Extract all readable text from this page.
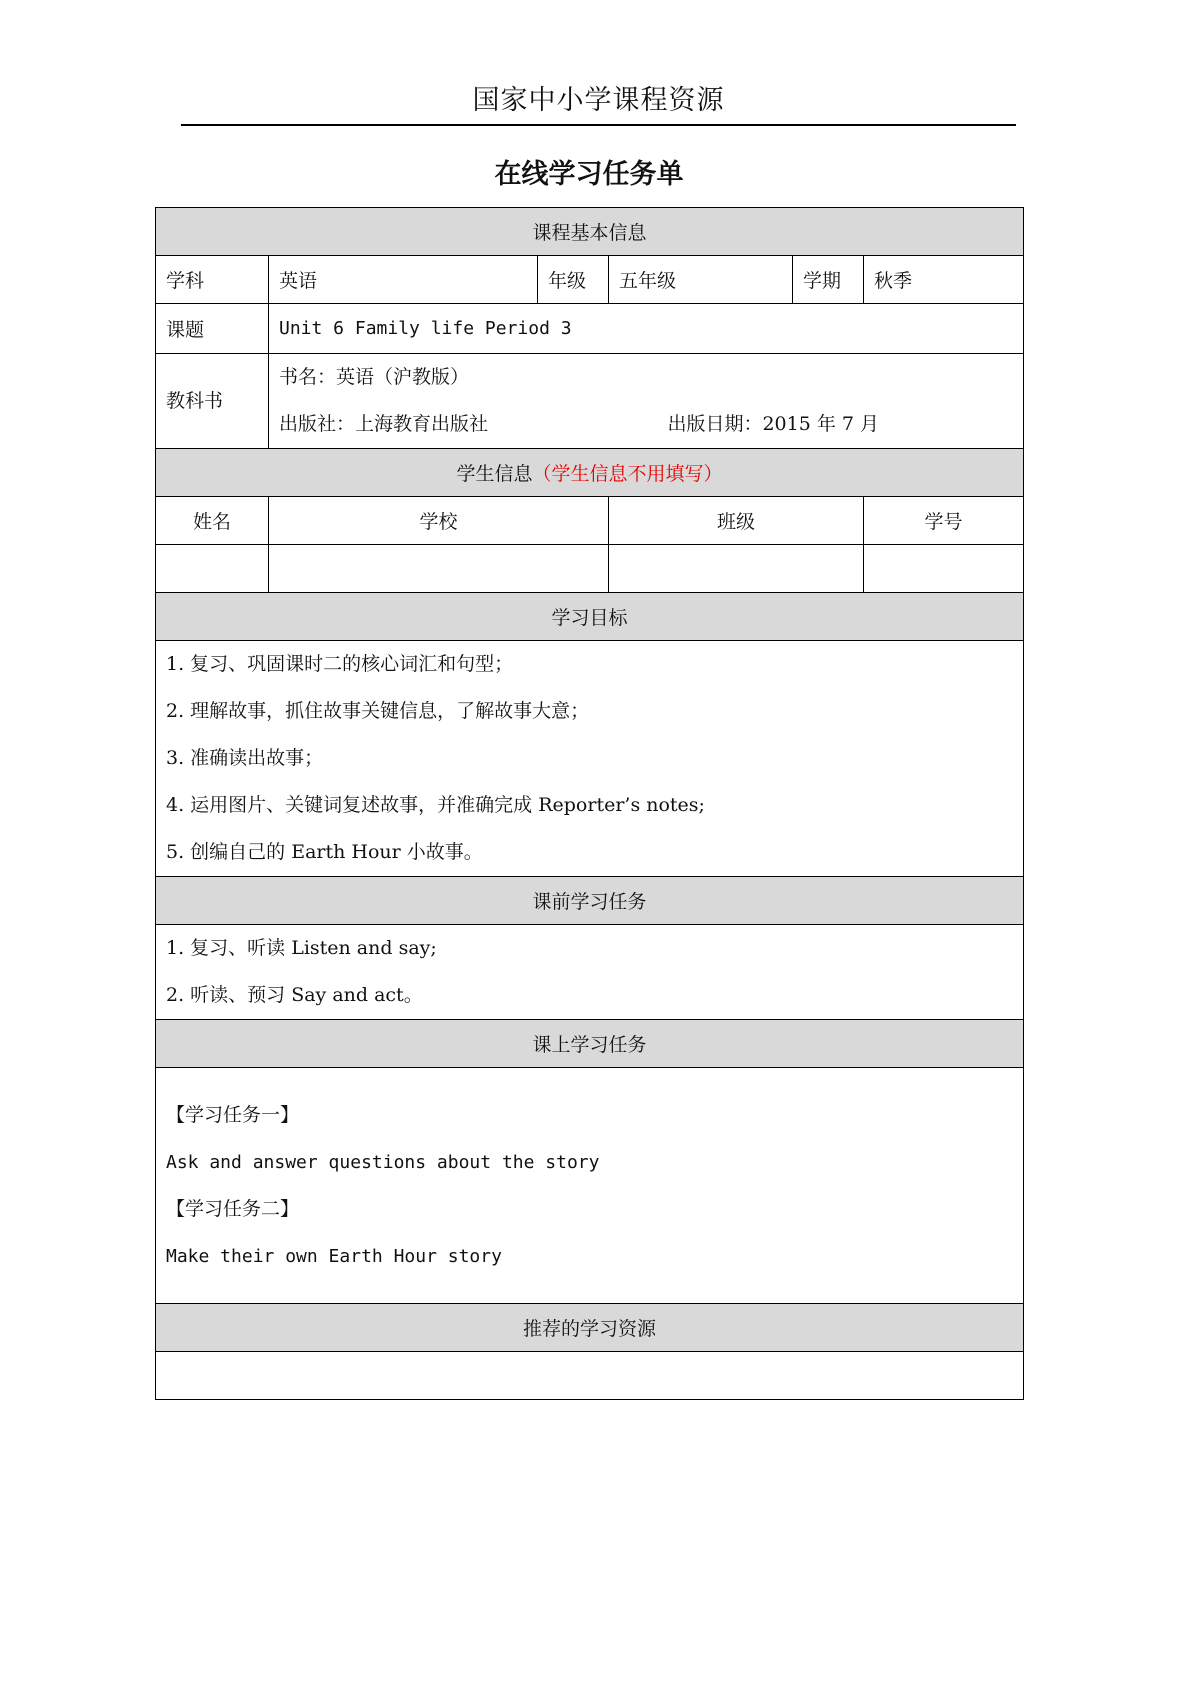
国家中小学课程资源
在线学习任务单
课程基本信息					
学科	英语	年级	五年级	学期	秋季
课题	Unit 6 Family life Period 3				

教科书	书名：英语（沪教版）
出版社：上海教育出版社 出版日期：2015 年 7 月				

学生信息（学生信息不用填写）					
姓名	学校		班级		学号

学习目标					

1. 复习、巩固课时二的核心词汇和句型；
2. 理解故事，抓住故事关键信息，了解故事大意；
3. 准确读出故事；
4. 运用图片、关键词复述故事，并准确完成 Reporter’s notes;
5. 创编自己的 Earth Hour 小故事。					

课前学习任务					

1. 复习、听读 Listen and say;
2. 听读、预习 Say and act。					

课上学习任务					

【学习任务一】
Ask and answer questions about the story
【学习任务二】
Make their own Earth Hour story					

推荐的学习资源					
